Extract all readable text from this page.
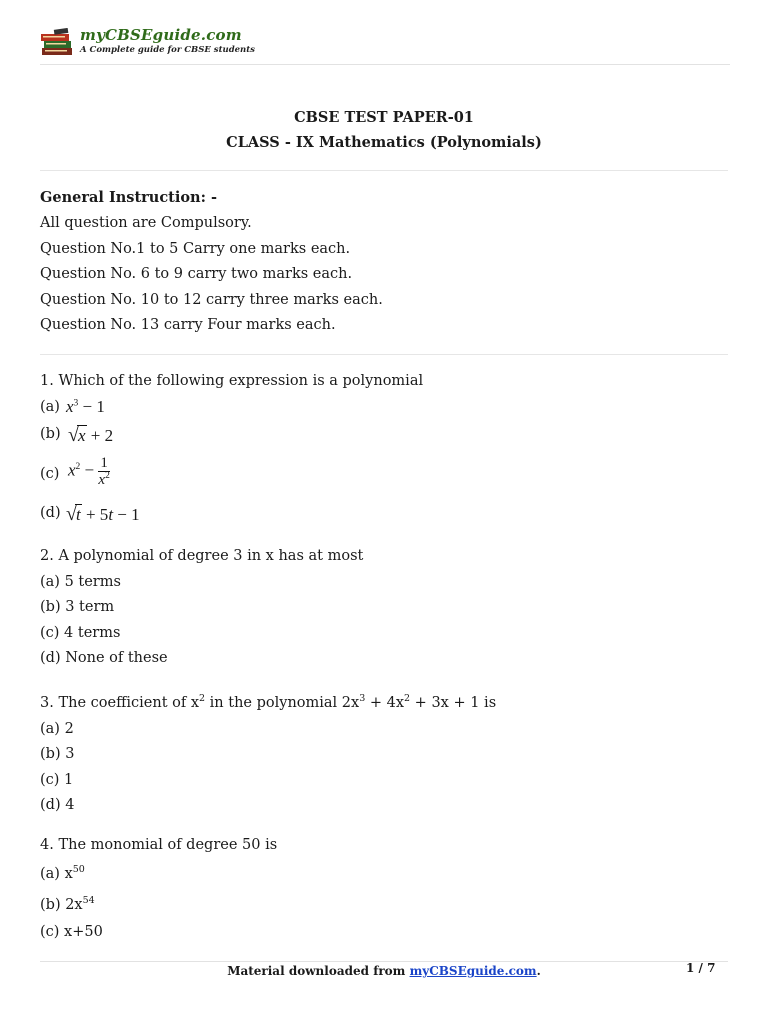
myCBSEguide.com
A Complete guide for CBSE students
CBSE TEST PAPER-01
CLASS - IX Mathematics (Polynomials)
General Instruction: -
All question are Compulsory.
Question No.1 to 5 Carry one marks each.
Question No. 6 to 9 carry two marks each.
Question No. 10 to 12 carry three marks each.
Question No. 13 carry Four marks each.
1. Which of the following expression is a polynomial
(a) $x^3 - 1$
(b) √x + 2
(c) $x^2 - \frac{1}{x^2}$
(d) √t + 5t − 1
2. A polynomial of degree 3 in x has at most
(a) 5 terms
(b) 3 term
(c) 4 terms
(d) None of these
3. The coefficient of $x^2$ in the polynomial $2x^3 + 4x^2 + 3x + 1$ is
(a) 2
(b) 3
(c) 1
(d) 4
4. The monomial of degree 50 is
(a) $x^{50}$
(b) $2x^{54}$
(c) x+50
Material downloaded from myCBSEguide.com.	1 / 7
